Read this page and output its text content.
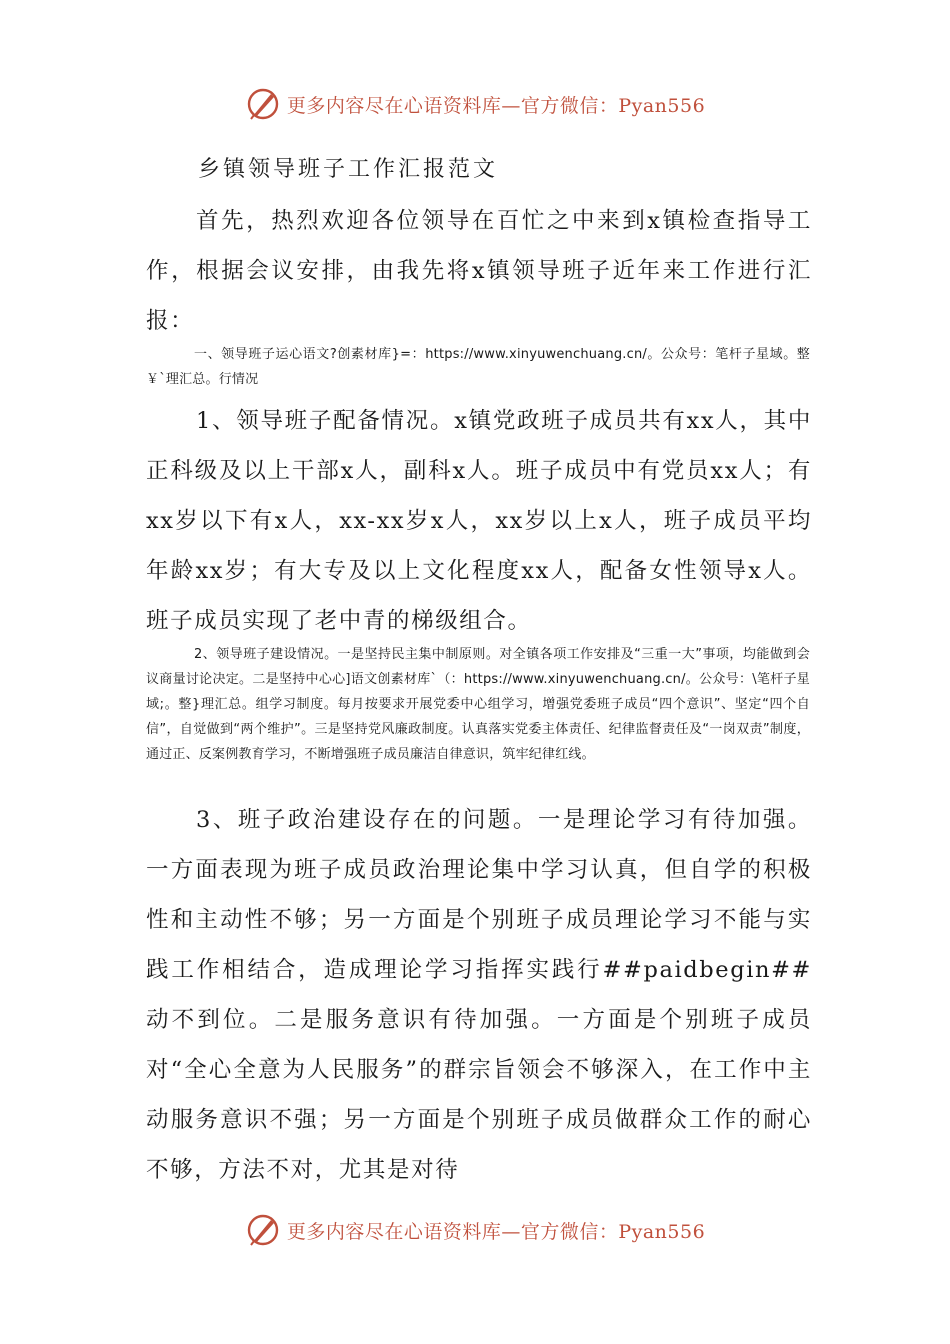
更多内容尽在心语资料库—官方微信：Pyan556
乡镇领导班子工作汇报范文
首先，热烈欢迎各位领导在百忙之中来到x镇检查指导工作，根据会议安排，由我先将x镇领导班子近年来工作进行汇报：
一、领导班子运心语文?创素材库}=：https://www.xinyuwenchuang.cn/。公众号：笔杆子星域。整￥`理汇总。行情况
1、领导班子配备情况。x镇党政班子成员共有xx人，其中正科级及以上干部x人，副科x人。班子成员中有党员xx人；有xx岁以下有x人，xx-xx岁x人，xx岁以上x人，班子成员平均年龄xx岁；有大专及以上文化程度xx人，配备女性领导x人。班子成员实现了老中青的梯级组合。
2、领导班子建设情况。一是坚持民主集中制原则。对全镇各项工作安排及“三重一大”事项，均能做到会议商量讨论决定。二是坚持中心心]语文创素材库`（：https://www.xinyuwenchuang.cn/。公众号：\笔杆子星域;。整}理汇总。组学习制度。每月按要求开展党委中心组学习，增强党委班子成员“四个意识”、坚定“四个自信”，自觉做到“两个维护”。三是坚持党风廉政制度。认真落实党委主体责任、纪律监督责任及“一岗双责”制度，通过正、反案例教育学习，不断增强班子成员廉洁自律意识，筑牢纪律红线。
3、班子政治建设存在的问题。一是理论学习有待加强。一方面表现为班子成员政治理论集中学习认真，但自学的积极性和主动性不够；另一方面是个别班子成员理论学习不能与实践工作相结合，造成理论学习指挥实践行##paidbegin##动不到位。二是服务意识有待加强。一方面是个别班子成员对“全心全意为人民服务”的群宗旨领会不够深入，在工作中主动服务意识不强；另一方面是个别班子成员做群众工作的耐心不够，方法不对，尤其是对待
更多内容尽在心语资料库—官方微信：Pyan556
